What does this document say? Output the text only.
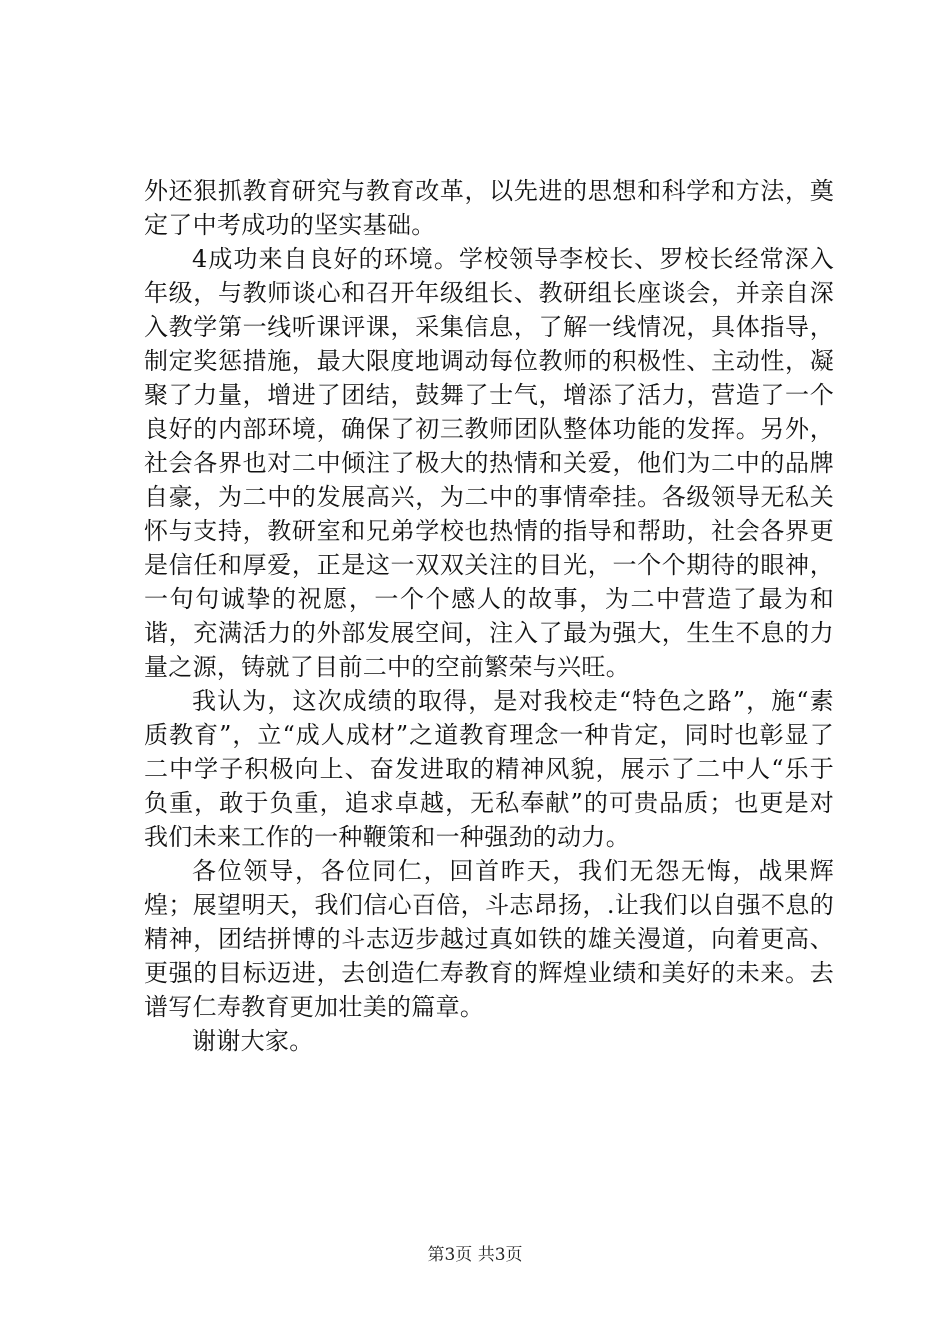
外还狠抓教育研究与教育改革，以先进的思想和科学和方法，奠定了中考成功的坚实基础。

4成功来自良好的环境。学校领导李校长、罗校长经常深入年级，与教师谈心和召开年级组长、教研组长座谈会，并亲自深入教学第一线听课评课，采集信息，了解一线情况，具体指导，制定奖惩措施，最大限度地调动每位教师的积极性、主动性，凝聚了力量，增进了团结，鼓舞了士气，增添了活力，营造了一个良好的内部环境，确保了初三教师团队整体功能的发挥。另外，社会各界也对二中倾注了极大的热情和关爱，他们为二中的品牌自豪，为二中的发展高兴，为二中的事情牵挂。各级领导无私关怀与支持，教研室和兄弟学校也热情的指导和帮助，社会各界更是信任和厚爱，正是这一双双关注的目光，一个个期待的眼神，一句句诚挚的祝愿，一个个感人的故事，为二中营造了最为和谐，充满活力的外部发展空间，注入了最为强大，生生不息的力量之源，铸就了目前二中的空前繁荣与兴旺。

我认为，这次成绩的取得，是对我校走“特色之路”，施“素质教育”，立“成人成材”之道教育理念一种肯定，同时也彰显了二中学子积极向上、奋发进取的精神风貌，展示了二中人“乐于负重，敢于负重，追求卓越，无私奉献”的可贵品质；也更是对我们未来工作的一种鞭策和一种强劲的动力。

各位领导，各位同仁，回首昨天，我们无怨无悔，战果辉煌；展望明天，我们信心百倍，斗志昂扬，.让我们以自强不息的精神，团结拼博的斗志迈步越过真如铁的雄关漫道，向着更高、更强的目标迈进，去创造仁寿教育的辉煌业绩和美好的未来。去谱写仁寿教育更加壮美的篇章。

谢谢大家。

第3页 共3页
